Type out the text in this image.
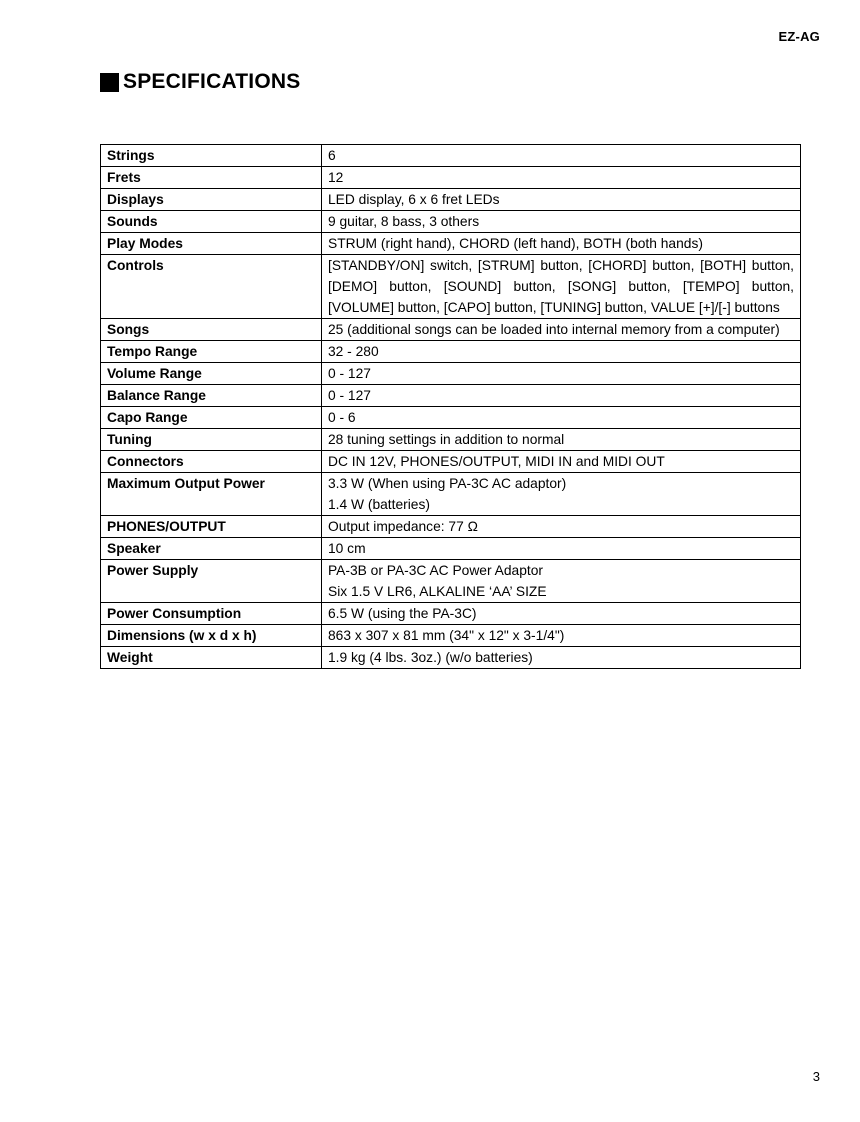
EZ-AG
SPECIFICATIONS
Strings	6

Frets	12

Displays	LED display, 6 x 6 fret LEDs

Sounds	9 guitar, 8 bass, 3 others

Play Modes	STRUM (right hand), CHORD (left hand), BOTH (both hands)

Controls	[STANDBY/ON] switch, [STRUM] button, [CHORD] button, [BOTH] button,
[DEMO] button, [SOUND] button, [SONG] button, [TEMPO] button,
[VOLUME] button, [CAPO] button, [TUNING] button, VALUE [+]/[-] buttons

Songs	25 (additional songs can be loaded into internal memory from a computer)

Tempo Range	32 - 280

Volume Range	0 - 127

Balance Range	0 - 127

Capo Range	0 - 6

Tuning	28 tuning settings in addition to normal

Connectors	DC IN 12V, PHONES/OUTPUT, MIDI IN and MIDI OUT

Maximum Output Power	3.3 W (When using PA-3C AC adaptor)
1.4 W (batteries)

PHONES/OUTPUT	Output impedance: 77 Ω

Speaker	10 cm

Power Supply	PA-3B or PA-3C AC Power Adaptor
Six 1.5 V LR6, ALKALINE ‘AA’ SIZE

Power Consumption	6.5 W (using the PA-3C)

Dimensions (w x d x h)	863 x 307 x 81 mm (34" x 12" x 3-1/4")

Weight	1.9 kg (4 lbs. 3oz.) (w/o batteries)
3
